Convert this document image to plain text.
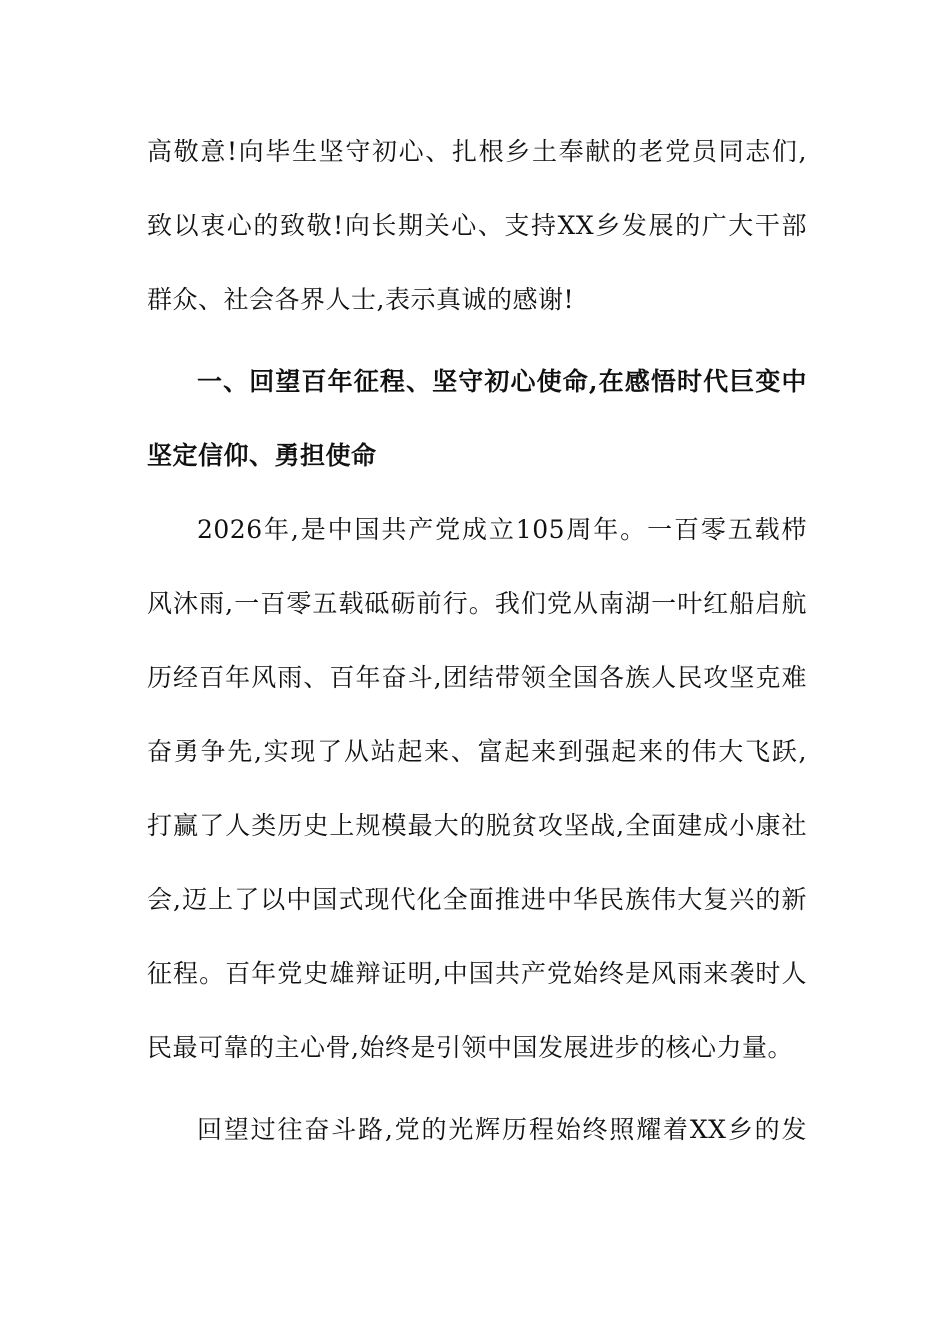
高敬意!向毕生坚守初心、扎根乡土奉献的老党员同志们,
致以衷心的致敬!向长期关心、支持XX乡发展的广大干部
群众、社会各界人士,表示真诚的感谢!
一、回望百年征程、坚守初心使命,在感悟时代巨变中
坚定信仰、勇担使命
2026年,是中国共产党成立105周年。一百零五载栉
风沐雨,一百零五载砥砺前行。我们党从南湖一叶红船启航
历经百年风雨、百年奋斗,团结带领全国各族人民攻坚克难
奋勇争先,实现了从站起来、富起来到强起来的伟大飞跃,
打赢了人类历史上规模最大的脱贫攻坚战,全面建成小康社
会,迈上了以中国式现代化全面推进中华民族伟大复兴的新
征程。百年党史雄辩证明,中国共产党始终是风雨来袭时人
民最可靠的主心骨,始终是引领中国发展进步的核心力量。
回望过往奋斗路,党的光辉历程始终照耀着XX乡的发
